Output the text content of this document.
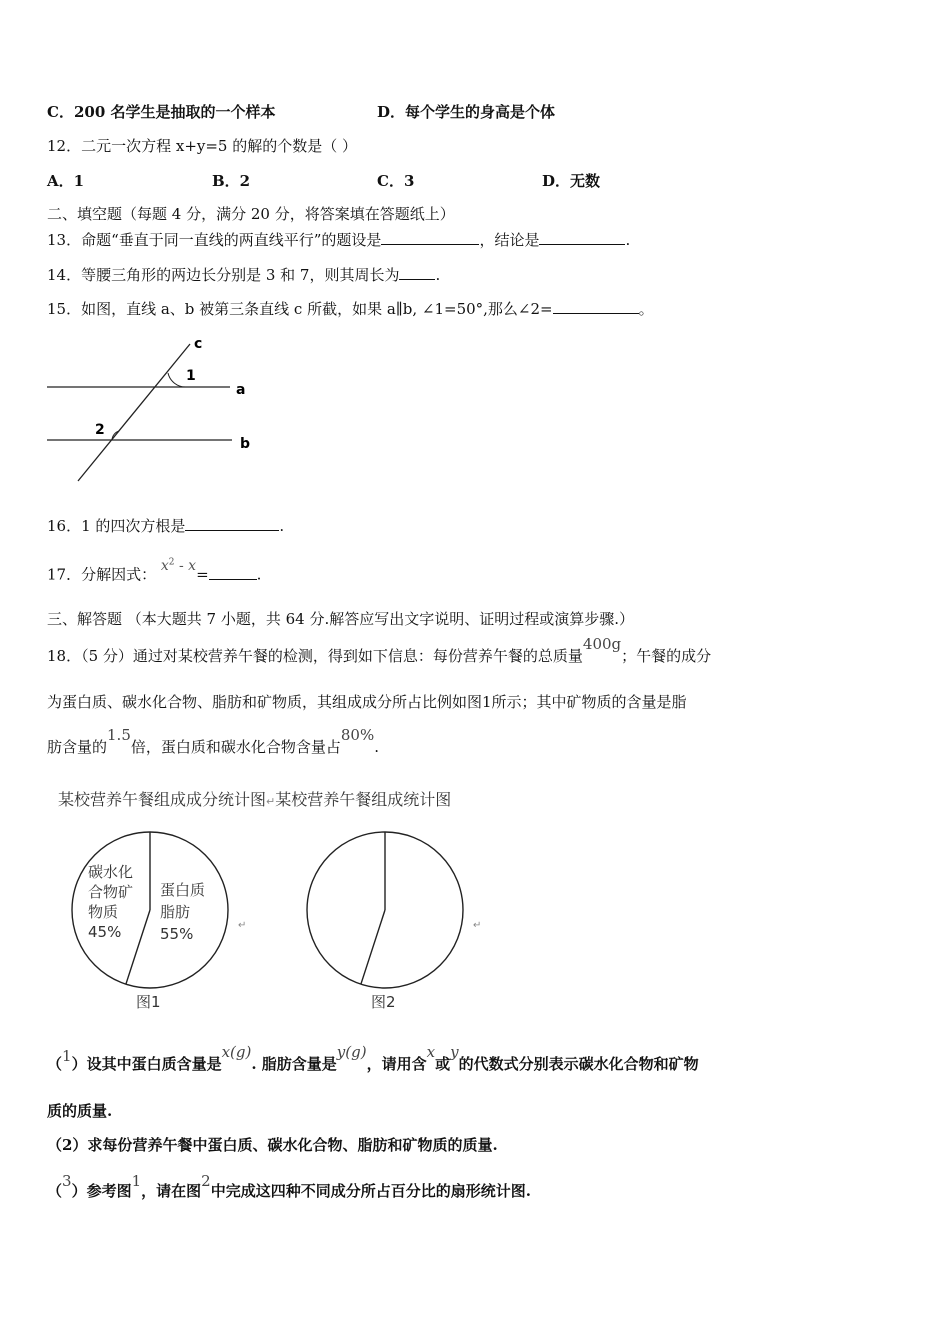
C．200 名学生是抽取的一个样本	D．每个学生的身高是个体
12．二元一次方程 x+y=5 的解的个数是（ ）
A．1	B．2	C．3	D．无数
二、填空题（每题 4 分，满分 20 分，将答案填在答题纸上）
13．命题“垂直于同一直线的两直线平行”的题设是	，结论是	.
14．等腰三角形的两边长分别是 3 和 7，则其周长为 .
15．如图，直线 a、b 被第三条直线 c 所截，如果 a∥b, ∠1=50°,那么∠2=	。
c
a
b
1
2
16．1 的四次方根是	.
17．分解因式： $x^2 - x=$	.
三、解答题 （本大题共 7 小题，共 64 分.解答应写出文字说明、证明过程或演算步骤.）
18．（5 分）通过对某校营养午餐的检测，得到如下信息：每份营养午餐的总质量400g；午餐的成分
为蛋白质、碳水化合物、脂肪和矿物质，其组成成分所占比例如图1所示；其中矿物质的含量是脂
肪含量的1.5倍，蛋白质和碳水化合物含量占80%.
某校营养午餐组成成分统计图↵某校营养午餐组成统计图
碳水化
合物矿
物质
45%
蛋白质
脂肪
55%
图1
↵
图2
↵
（1）设其中蛋白质含量是x(g). 脂肪含量是y(g)，请用含x或y的代数式分别表示碳水化合物和矿物
质的质量.
（2）求每份营养午餐中蛋白质、碳水化合物、脂肪和矿物质的质量.
（3）参考图1，请在图2中完成这四种不同成分所占百分比的扇形统计图.
